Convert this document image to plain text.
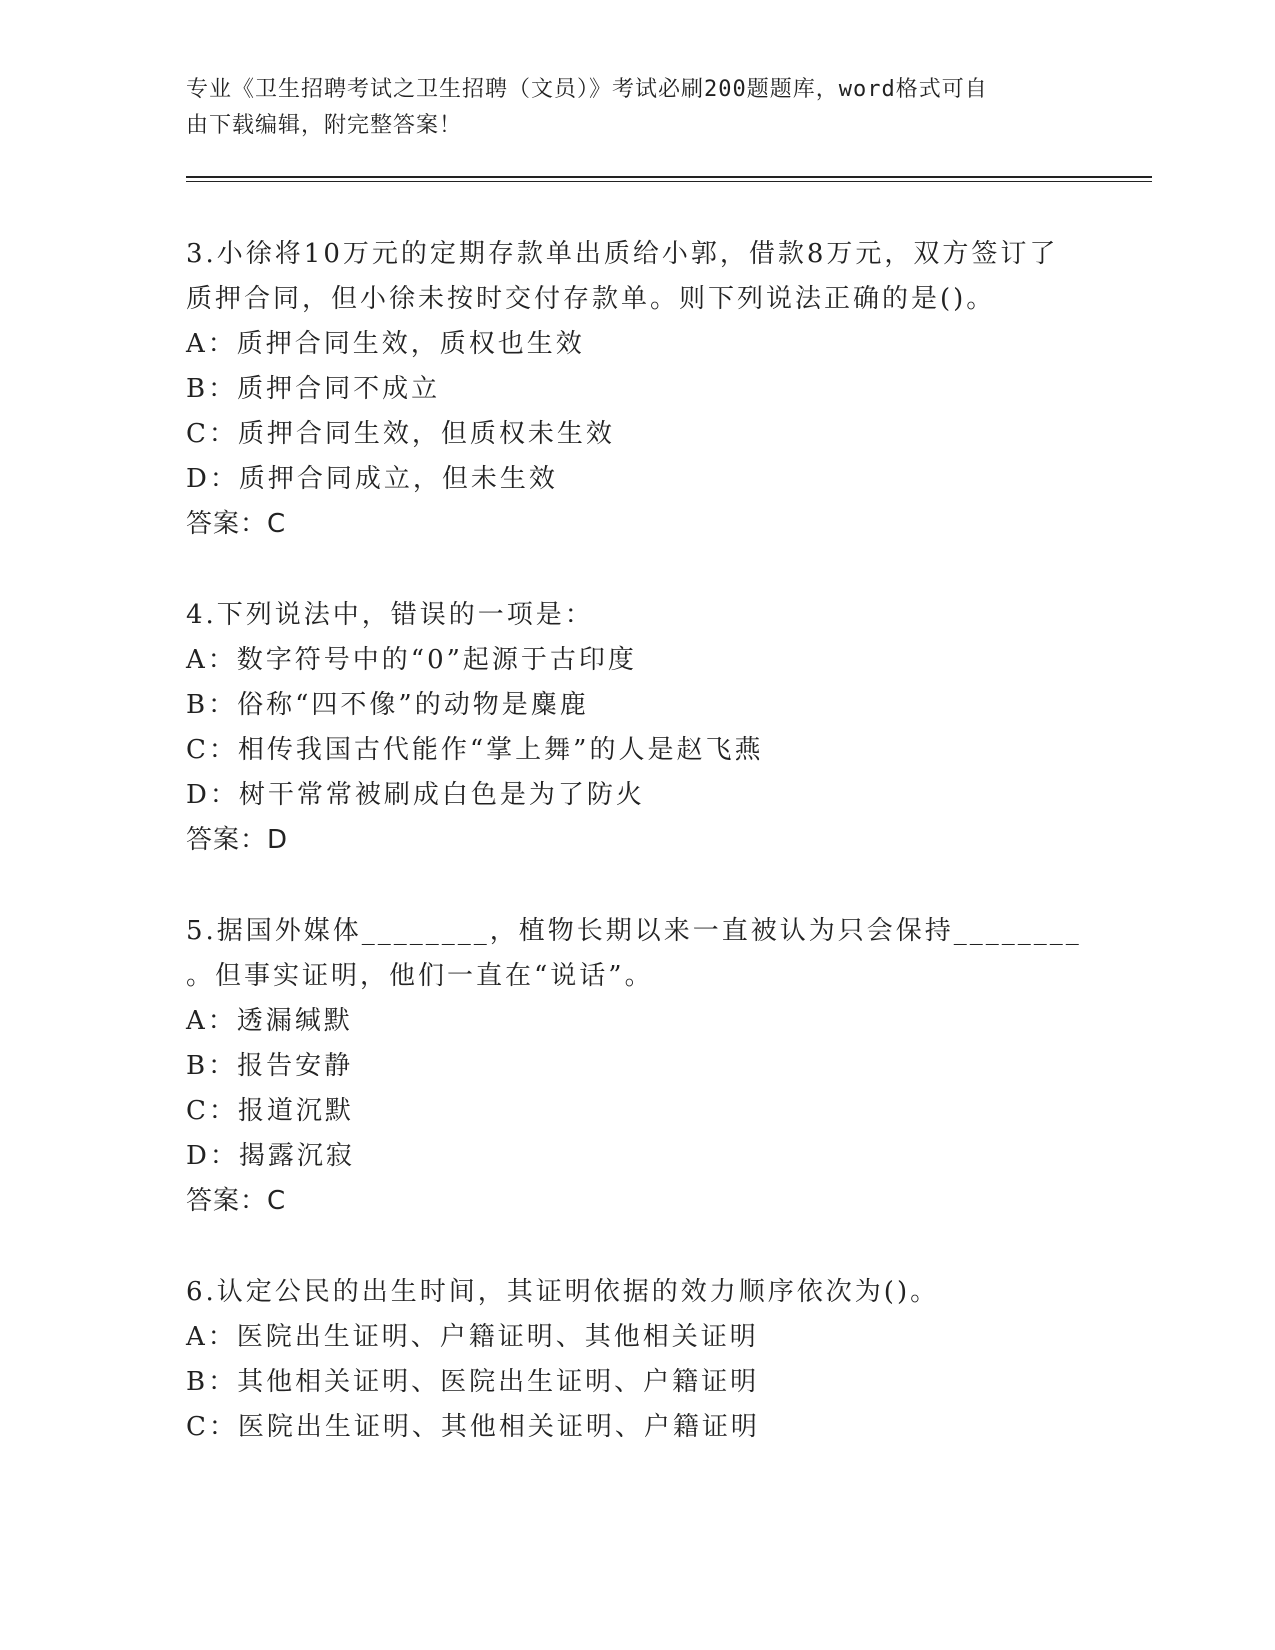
专业《卫生招聘考试之卫生招聘（文员）》考试必刷200题题库，word格式可自
由下载编辑，附完整答案！
3.小徐将10万元的定期存款单出质给小郭，借款8万元，双方签订了
质押合同，但小徐未按时交付存款单。则下列说法正确的是()。
A：质押合同生效，质权也生效
B：质押合同不成立
C：质押合同生效，但质权未生效
D：质押合同成立，但未生效
答案：C
4.下列说法中，错误的一项是：
A：数字符号中的“0”起源于古印度
B：俗称“四不像”的动物是麋鹿
C：相传我国古代能作“掌上舞”的人是赵飞燕
D：树干常常被刷成白色是为了防火
答案：D
5.据国外媒体________，植物长期以来一直被认为只会保持________
。但事实证明，他们一直在“说话”。
A：透漏缄默
B：报告安静
C：报道沉默
D：揭露沉寂
答案：C
6.认定公民的出生时间，其证明依据的效力顺序依次为()。
A：医院出生证明、户籍证明、其他相关证明
B：其他相关证明、医院出生证明、户籍证明
C：医院出生证明、其他相关证明、户籍证明
